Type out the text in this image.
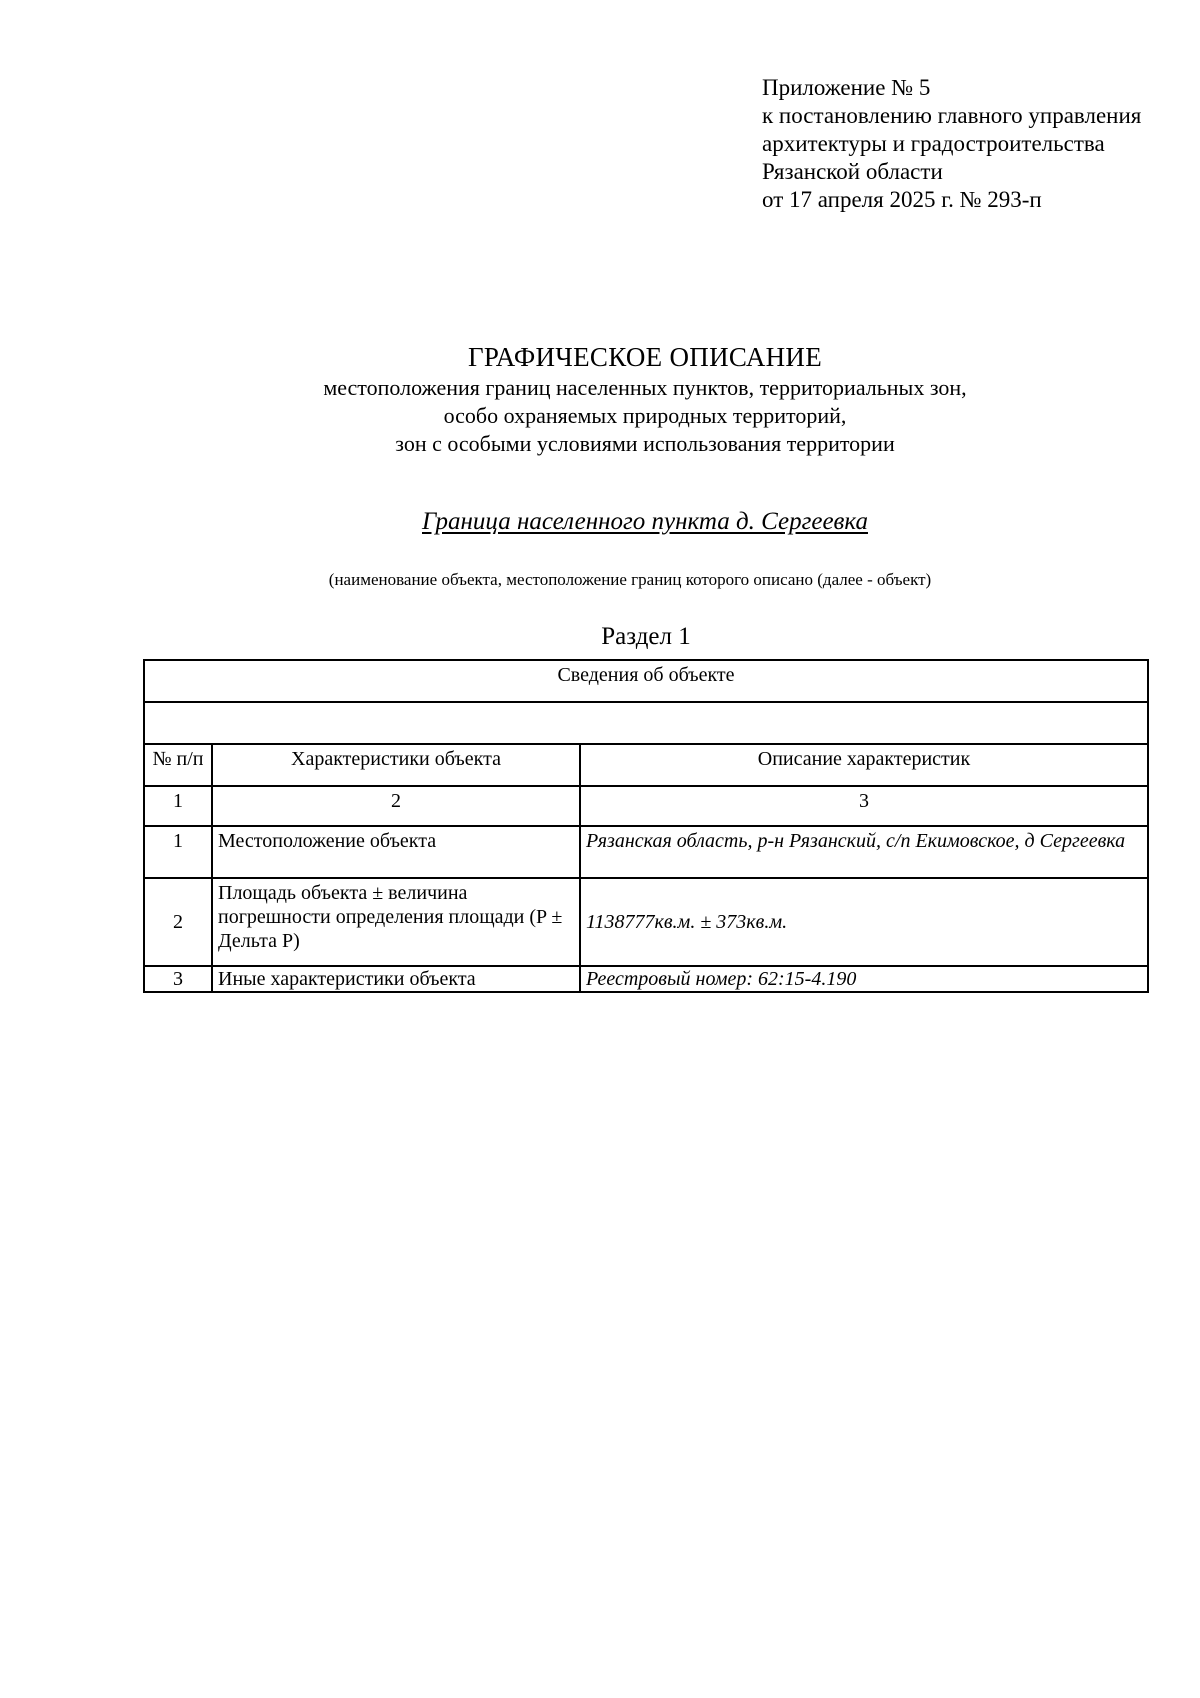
Приложение № 5
к постановлению главного управления
архитектуры и градостроительства
Рязанской области
от 17 апреля 2025 г. № 293-п
ГРАФИЧЕСКОЕ ОПИСАНИЕ
местоположения границ населенных пунктов, территориальных зон,
особо охраняемых природных территорий,
зон с особыми условиями использования территории
Граница населенного пункта д. Сергеевка
(наименование объекта, местоположение границ которого описано (далее - объект)
Раздел 1
Сведения об объекте		

№ п/п	Характеристики объекта	Описание характеристик
1	2	3
1	Местоположение объекта	Рязанская область, р-н Рязанский, с/п Екимовское, д Сергеевка
2	Площадь объекта ± величина погрешности определения площади (P ± Дельта P)	1138777кв.м. ± 373кв.м.
3	Иные характеристики объекта	Реестровый номер: 62:15-4.190
